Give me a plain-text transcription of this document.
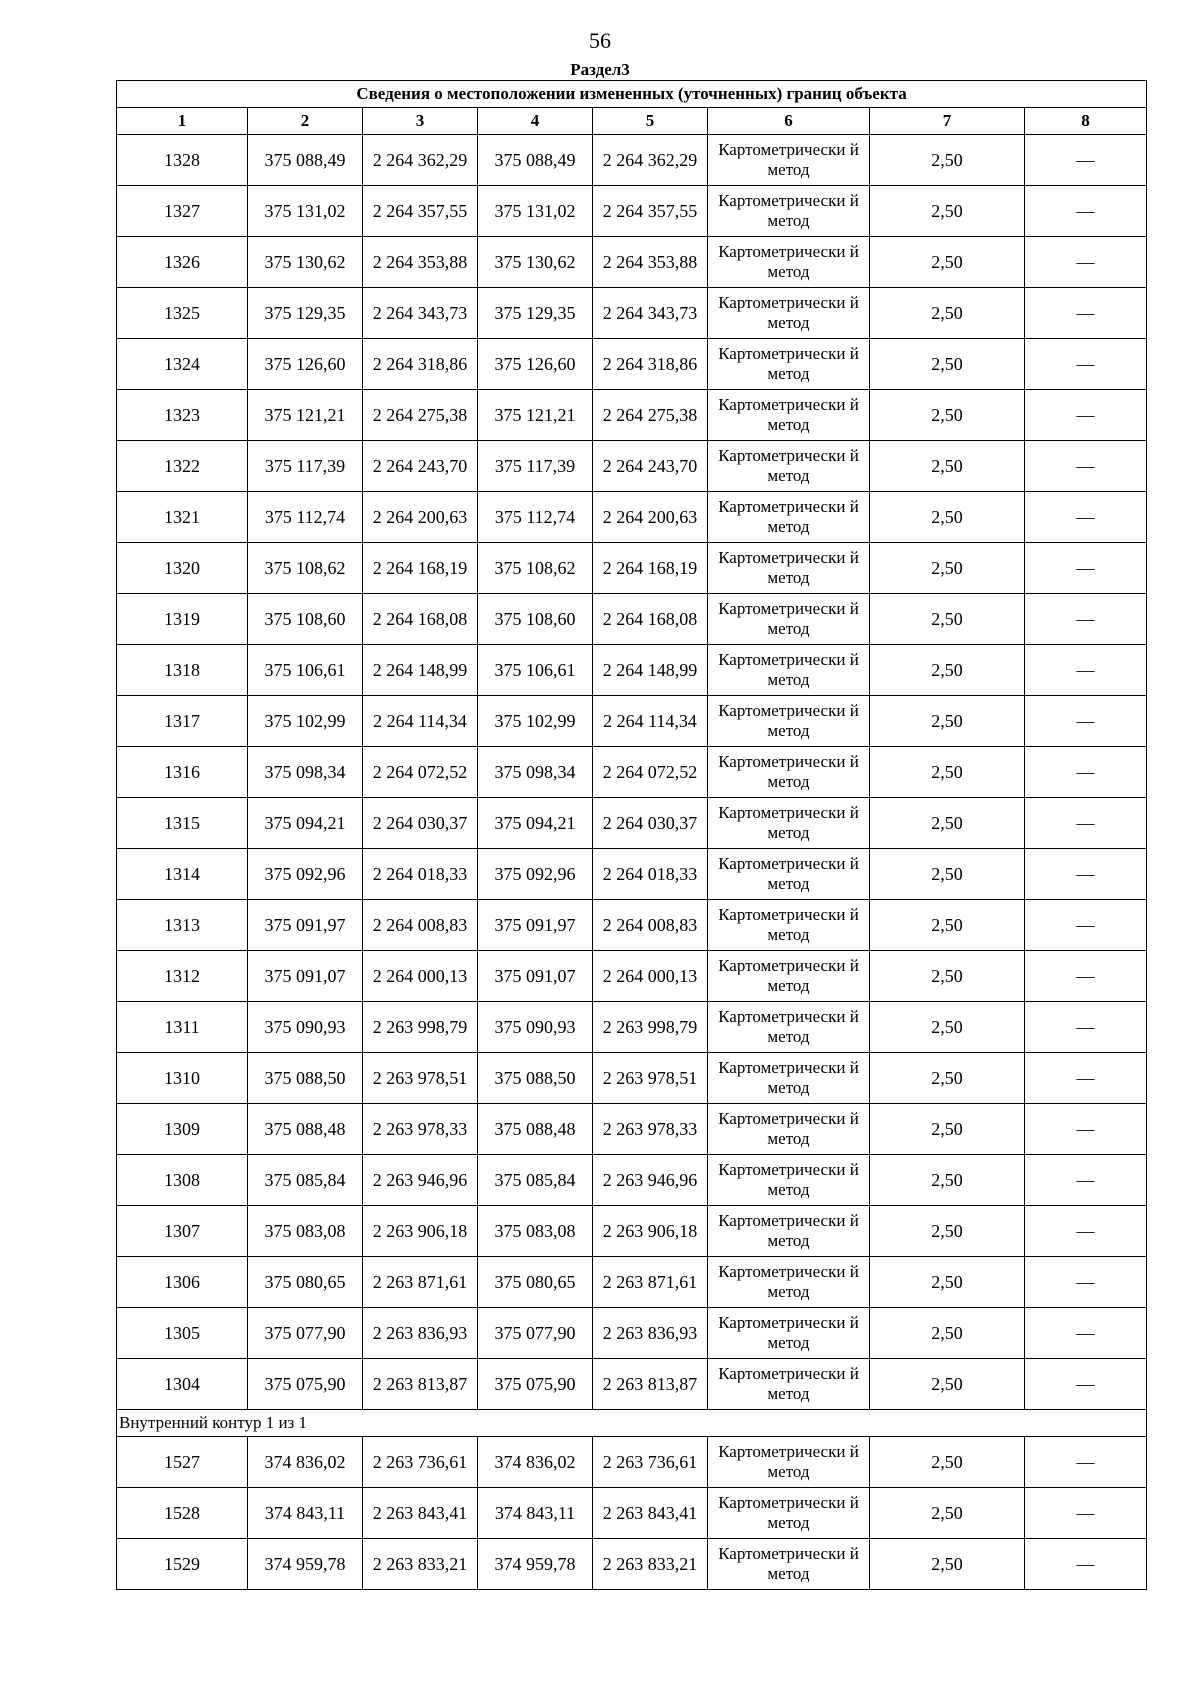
56
Раздел3
Сведения о местоположении измененных (уточненных) границ объекта							
1	2	3	4	5	6	7	8
1328	375 088,49	2 264 362,29	375 088,49	2 264 362,29	Картометрически й метод	2,50	—
1327	375 131,02	2 264 357,55	375 131,02	2 264 357,55	Картометрически й метод	2,50	—
1326	375 130,62	2 264 353,88	375 130,62	2 264 353,88	Картометрически й метод	2,50	—
1325	375 129,35	2 264 343,73	375 129,35	2 264 343,73	Картометрически й метод	2,50	—
1324	375 126,60	2 264 318,86	375 126,60	2 264 318,86	Картометрически й метод	2,50	—
1323	375 121,21	2 264 275,38	375 121,21	2 264 275,38	Картометрически й метод	2,50	—
1322	375 117,39	2 264 243,70	375 117,39	2 264 243,70	Картометрически й метод	2,50	—
1321	375 112,74	2 264 200,63	375 112,74	2 264 200,63	Картометрически й метод	2,50	—
1320	375 108,62	2 264 168,19	375 108,62	2 264 168,19	Картометрически й метод	2,50	—
1319	375 108,60	2 264 168,08	375 108,60	2 264 168,08	Картометрически й метод	2,50	—
1318	375 106,61	2 264 148,99	375 106,61	2 264 148,99	Картометрически й метод	2,50	—
1317	375 102,99	2 264 114,34	375 102,99	2 264 114,34	Картометрически й метод	2,50	—
1316	375 098,34	2 264 072,52	375 098,34	2 264 072,52	Картометрически й метод	2,50	—
1315	375 094,21	2 264 030,37	375 094,21	2 264 030,37	Картометрически й метод	2,50	—
1314	375 092,96	2 264 018,33	375 092,96	2 264 018,33	Картометрически й метод	2,50	—
1313	375 091,97	2 264 008,83	375 091,97	2 264 008,83	Картометрически й метод	2,50	—
1312	375 091,07	2 264 000,13	375 091,07	2 264 000,13	Картометрически й метод	2,50	—
1311	375 090,93	2 263 998,79	375 090,93	2 263 998,79	Картометрически й метод	2,50	—
1310	375 088,50	2 263 978,51	375 088,50	2 263 978,51	Картометрически й метод	2,50	—
1309	375 088,48	2 263 978,33	375 088,48	2 263 978,33	Картометрически й метод	2,50	—
1308	375 085,84	2 263 946,96	375 085,84	2 263 946,96	Картометрически й метод	2,50	—
1307	375 083,08	2 263 906,18	375 083,08	2 263 906,18	Картометрически й метод	2,50	—
1306	375 080,65	2 263 871,61	375 080,65	2 263 871,61	Картометрически й метод	2,50	—
1305	375 077,90	2 263 836,93	375 077,90	2 263 836,93	Картометрически й метод	2,50	—
1304	375 075,90	2 263 813,87	375 075,90	2 263 813,87	Картометрически й метод	2,50	—
Внутренний контур 1 из 1							
1527	374 836,02	2 263 736,61	374 836,02	2 263 736,61	Картометрически й метод	2,50	—
1528	374 843,11	2 263 843,41	374 843,11	2 263 843,41	Картометрически й метод	2,50	—
1529	374 959,78	2 263 833,21	374 959,78	2 263 833,21	Картометрически й метод	2,50	—
